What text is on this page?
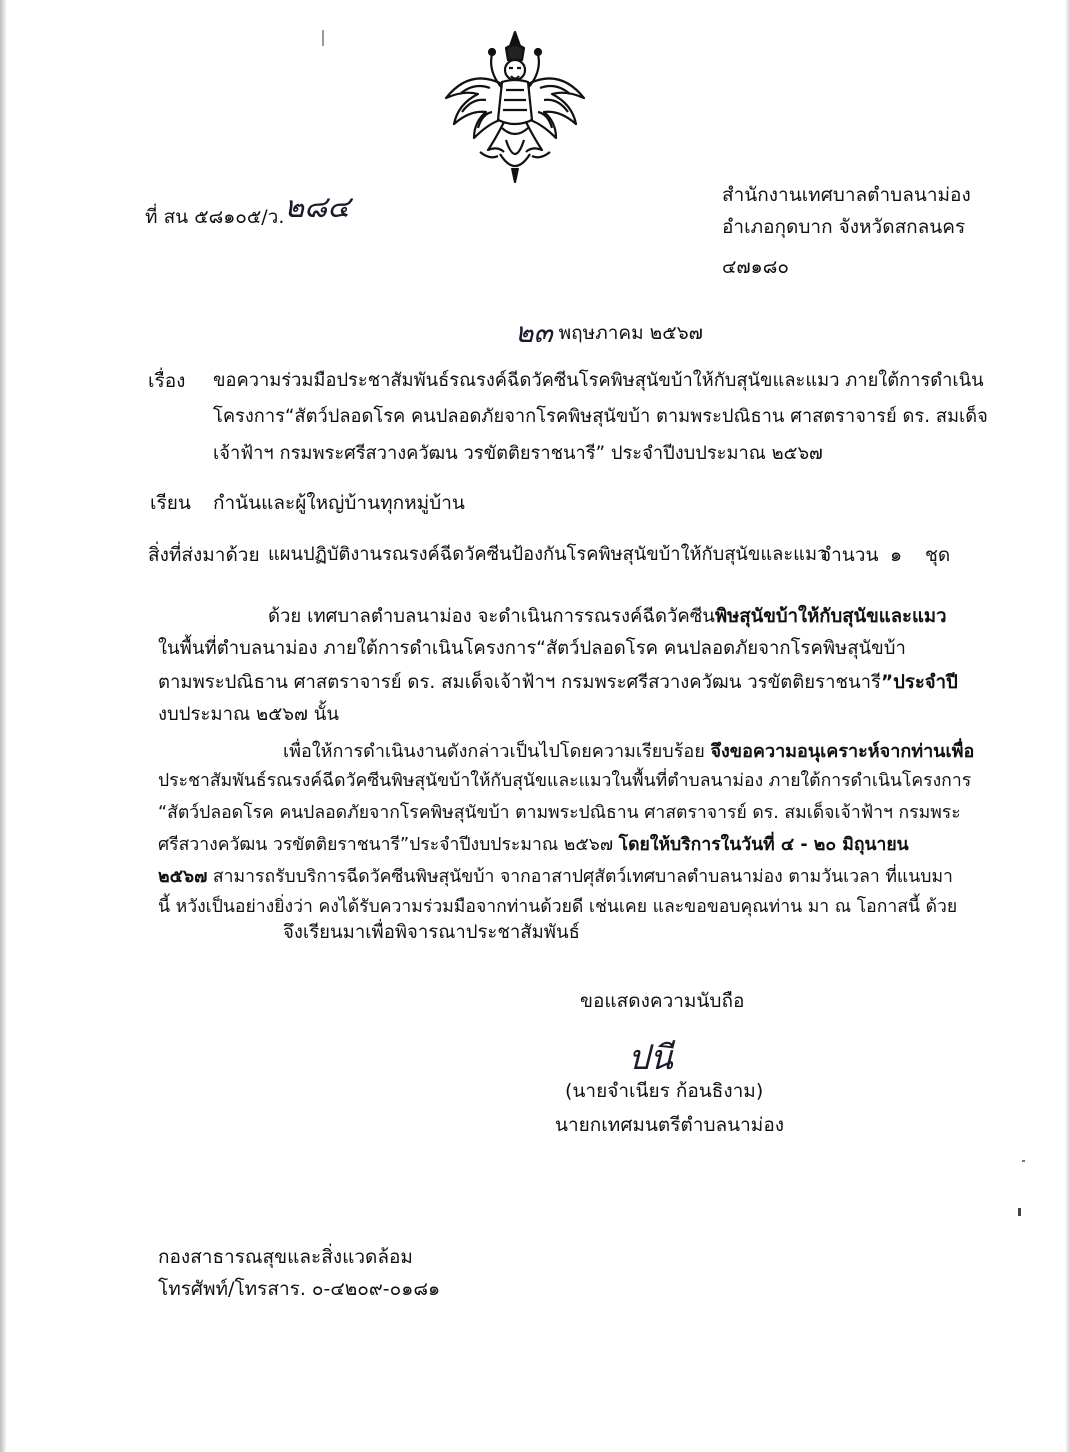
ที่ สน ๕๘๑๐๕/ว.๒๘๔	สำนักงานเทศบาลตำบลนาม่อง
อำเภอกุดบาก จังหวัดสกลนคร
๔๗๑๘๐
๒๓ พฤษภาคม ๒๕๖๗
เรื่อง ขอความร่วมมือประชาสัมพันธ์รณรงค์ฉีดวัคซีนโรคพิษสุนัขบ้าให้กับสุนัขและแมว ภายใต้การดำเนิน
โครงการ“สัตว์ปลอดโรค คนปลอดภัยจากโรคพิษสุนัขบ้า ตามพระปณิธาน ศาสตราจารย์ ดร. สมเด็จ
เจ้าฟ้าฯ กรมพระศรีสวางควัฒน วรขัตติยราชนารี” ประจำปีงบประมาณ ๒๕๖๗
เรียน กำนันและผู้ใหญ่บ้านทุกหมู่บ้าน
สิ่งที่ส่งมาด้วย แผนปฏิบัติงานรณรงค์ฉีดวัคซีนป้องกันโรคพิษสุนัขบ้าให้กับสุนัขและแมว
จำนวน ๑ ชุด
ด้วย เทศบาลตำบลนาม่อง จะดำเนินการรณรงค์ฉีดวัคซีนพิษสุนัขบ้าให้กับสุนัขและแมว
ในพื้นที่ตำบลนาม่อง ภายใต้การดำเนินโครงการ“สัตว์ปลอดโรค คนปลอดภัยจากโรคพิษสุนัขบ้า
ตามพระปณิธาน ศาสตราจารย์ ดร. สมเด็จเจ้าฟ้าฯ กรมพระศรีสวางควัฒน วรขัตติยราชนารี”ประจำปี
งบประมาณ ๒๕๖๗ นั้น
เพื่อให้การดำเนินงานดังกล่าวเป็นไปโดยความเรียบร้อย จึงขอความอนุเคราะห์จากท่านเพื่อ
ประชาสัมพันธ์รณรงค์ฉีดวัคซีนพิษสุนัขบ้าให้กับสุนัขและแมวในพื้นที่ตำบลนาม่อง ภายใต้การดำเนินโครงการ
“สัตว์ปลอดโรค คนปลอดภัยจากโรคพิษสุนัขบ้า ตามพระปณิธาน ศาสตราจารย์ ดร. สมเด็จเจ้าฟ้าฯ กรมพระ
ศรีสวางควัฒน วรขัตติยราชนารี”ประจำปีงบประมาณ ๒๕๖๗ โดยให้บริการในวันที่ ๔ - ๒๐ มิถุนายน
๒๕๖๗ สามารถรับบริการฉีดวัคซีนพิษสุนัขบ้า จากอาสาปศุสัตว์เทศบาลตำบลนาม่อง ตามวันเวลา ที่แนบมา
นี้ หวังเป็นอย่างยิ่งว่า คงได้รับความร่วมมือจากท่านด้วยดี เช่นเคย และขอขอบคุณท่าน มา ณ โอกาสนี้ ด้วย
จึงเรียนมาเพื่อพิจารณาประชาสัมพันธ์
ขอแสดงความนับถือ
ปนี
(นายจำเนียร ก้อนธิงาม)
นายกเทศมนตรีตำบลนาม่อง
กองสาธารณสุขและสิ่งแวดล้อม
โทรศัพท์/โทรสาร. ๐-๔๒๐๙-๐๑๘๑
